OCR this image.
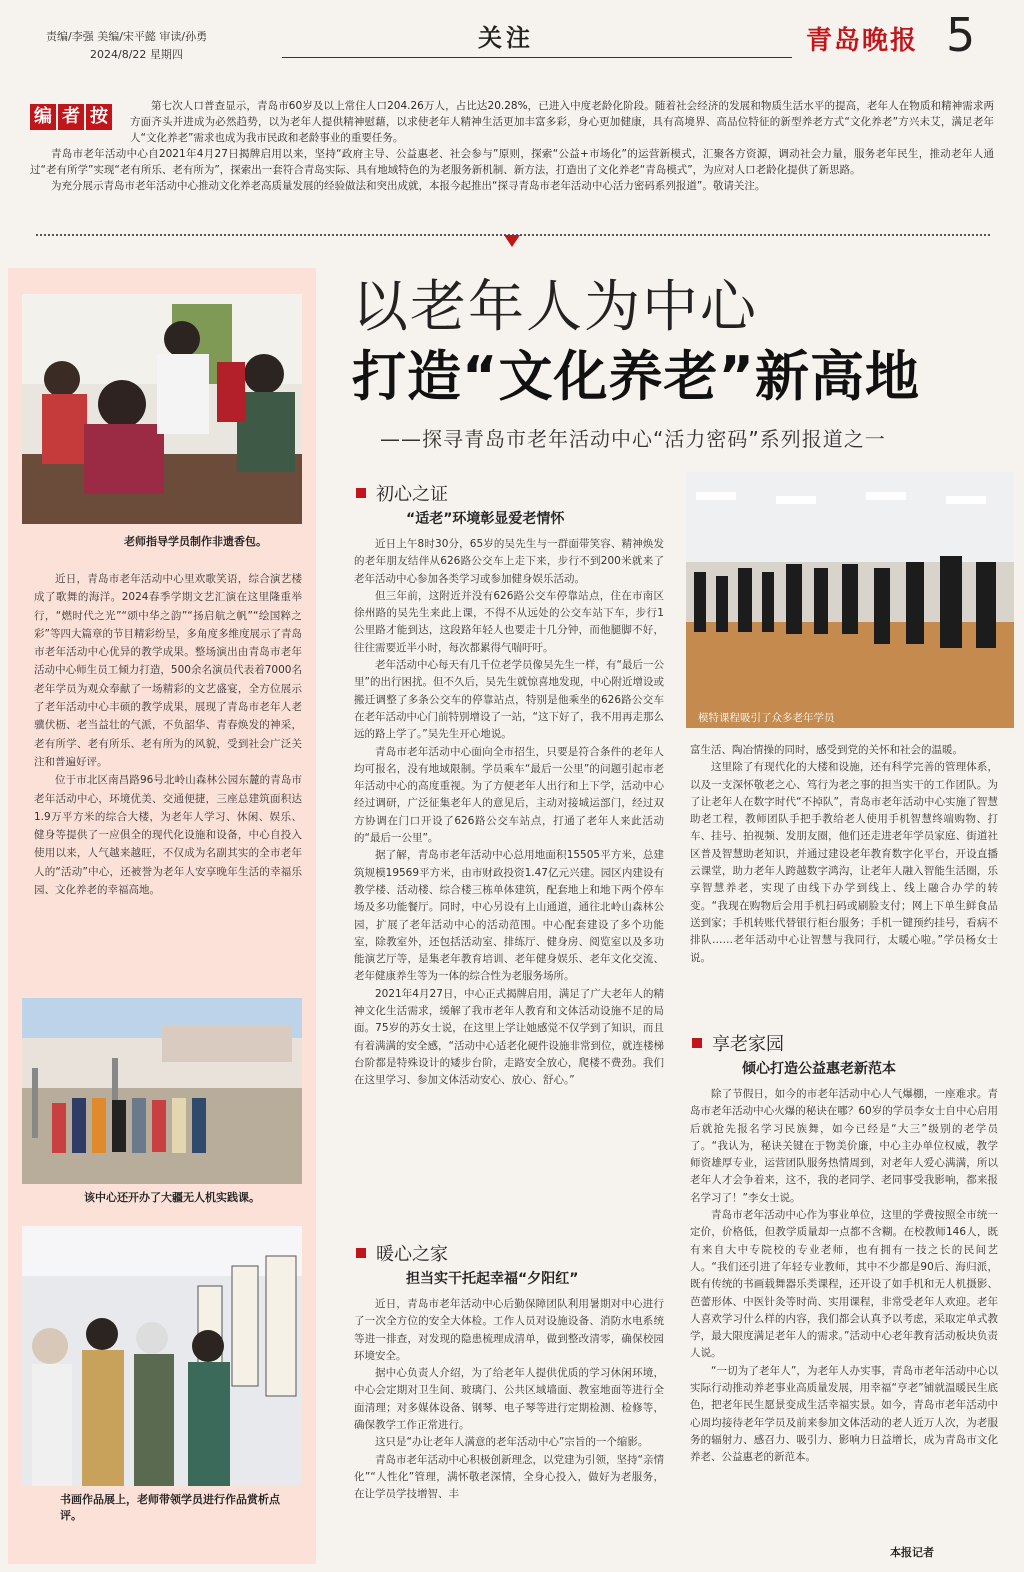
责编/李强 美编/宋平懿 审读/孙勇
2024/8/22 星期四
关注	青岛晚报 5

第七次人口普查显示，青岛市60岁及以上常住人口204.26万人，占比达20.28%，已进入中度老龄化阶段。随着社会经济的发展和物质生活水平的提高，老年人在物质和精神需求两方面齐头并进成为必然趋势，以为老年人提供精神慰藉，以求使老年人精神生活更加丰富多彩，身心更加健康，具有高境界、高品位特征的新型养老方式“文化养老”方兴未艾，满足老年人“文化养老”需求也成为我市民政和老龄事业的重要任务。

青岛市老年活动中心自2021年4月27日揭牌启用以来，坚持“政府主导、公益惠老、社会参与”原则，探索“公益+市场化”的运营新模式，汇聚各方资源，调动社会力量，服务老年民生，推动老年人通过“老有所学”实现“老有所乐、老有所为”，探索出一套符合青岛实际、具有地域特色的为老服务新机制、新方法，打造出了文化养老“青岛模式”，为应对人口老龄化提供了新思路。

为充分展示青岛市老年活动中心推动文化养老高质量发展的经验做法和突出成就，本报今起推出“探寻青岛市老年活动中心活力密码系列报道”。敬请关注。

编 者 按
老师指导学员制作非遗香包。

近日，青岛市老年活动中心里欢歌笑语，综合演艺楼成了歌舞的海洋。2024春季学期文艺汇演在这里隆重举行，“燃时代之光”“颂中华之韵”“扬启航之帆”“绘国粹之彩”等四大篇章的节目精彩纷呈，多角度多维度展示了青岛市老年活动中心优异的教学成果。整场演出由青岛市老年活动中心师生员工倾力打造，500余名演员代表着7000名老年学员为观众奉献了一场精彩的文艺盛宴，全方位展示了老年活动中心丰硕的教学成果，展现了青岛市老年人老骥伏枥、老当益壮的气派，不负韶华、青春焕发的神采，老有所学、老有所乐、老有所为的风貌，受到社会广泛关注和普遍好评。

位于市北区南昌路96号北岭山森林公园东麓的青岛市老年活动中心，环境优美、交通便捷，三座总建筑面积达1.9万平方米的综合大楼，为老年人学习、休闲、娱乐、健身等提供了一应俱全的现代化设施和设备，中心自投入使用以来，人气越来越旺，不仅成为名副其实的全市老年人的“活动”中心，还被誉为老年人安享晚年生活的幸福乐园、文化养老的幸福高地。

该中心还开办了大疆无人机实践课。
书画作品展上，老师带领学员进行作品赏析点评。
以老年人为中心
打造“文化养老”新高地
——探寻青岛市老年活动中心“活力密码”系列报道之一
模特课程吸引了众多老年学员
初心之证
“适老”环境彰显爱老情怀

近日上午8时30分，65岁的吴先生与一群面带笑容、精神焕发的老年朋友结伴从626路公交车上走下来，步行不到200米就来了老年活动中心参加各类学习或参加健身娱乐活动。

但三年前，这附近并没有626路公交车停靠站点，住在市南区徐州路的吴先生来此上课，不得不从远处的公交车站下车，步行1公里路才能到达，这段路年轻人也要走十几分钟，而他腿脚不好，往往需要近半小时，每次都累得气喘吁吁。

老年活动中心每天有几千位老学员像吴先生一样，有“最后一公里”的出行困扰。但不久后，吴先生就惊喜地发现，中心附近增设或搬迁调整了多条公交车的停靠站点，特别是他乘坐的626路公交车在老年活动中心门前特别增设了一站，“这下好了，我不用再走那么远的路上学了。”吴先生开心地说。

青岛市老年活动中心面向全市招生，只要是符合条件的老年人均可报名，没有地域限制。学员乘车“最后一公里”的问题引起市老年活动中心的高度重视。为了方便老年人出行和上下学，活动中心经过调研，广泛征集老年人的意见后，主动对接城运部门，经过双方协调在门口开设了626路公交车站点，打通了老年人来此活动的“最后一公里”。

据了解，青岛市老年活动中心总用地面积15505平方米，总建筑规模19569平方米，由市财政投资1.47亿元兴建。园区内建设有教学楼、活动楼、综合楼三栋单体建筑，配套地上和地下两个停车场及多功能餐厅。同时，中心另设有上山通道，通往北岭山森林公园，扩展了老年活动中心的活动范围。中心配套建设了多个功能室，除教室外，还包括活动室、排练厅、健身房、阅览室以及多功能演艺厅等，是集老年教育培训、老年健身娱乐、老年文化交流、老年健康养生等为一体的综合性为老服务场所。

2021年4月27日，中心正式揭牌启用，满足了广大老年人的精神文化生活需求，缓解了我市老年人教育和文体活动设施不足的局面。75岁的苏女士说，在这里上学让她感觉不仅学到了知识，而且有着满满的安全感，“活动中心适老化硬件设施非常到位，就连楼梯台阶都是特殊设计的矮步台阶，走路安全放心，爬楼不费劲。我们在这里学习、参加文体活动安心、放心、舒心。”

暖心之家
担当实干托起幸福“夕阳红”

近日，青岛市老年活动中心后勤保障团队利用暑期对中心进行了一次全方位的安全大体检。工作人员对设施设备、消防水电系统等进一排查，对发现的隐患梳理成清单，做到整改清零，确保校园环境安全。

据中心负责人介绍，为了给老年人提供优质的学习休闲环境，中心会定期对卫生间、玻璃门、公共区域墙面、教室地面等进行全面清理；对多媒体设备、钢琴、电子琴等进行定期检测、检修等，确保教学工作正常进行。

这只是“办让老年人满意的老年活动中心”宗旨的一个缩影。

青岛市老年活动中心积极创新理念，以党建为引领，坚持“亲情化”“人性化”管理，满怀敬老深情，全身心投入，做好为老服务，在让学员学技增智、丰

富生活、陶冶情操的同时，感受到党的关怀和社会的温暖。

这里除了有现代化的大楼和设施，还有科学完善的管理体系，以及一支深怀敬老之心、笃行为老之事的担当实干的工作团队。为了让老年人在数字时代“不掉队”，青岛市老年活动中心实施了智慧助老工程，教师团队手把手教给老人使用手机智慧终端购物、打车、挂号、拍视频、发朋友圈，他们还走进老年学员家庭、街道社区普及智慧助老知识，并通过建设老年教育数字化平台，开设直播云课堂，助力老年人跨越数字鸿沟，让老年人融入智能生活圈，乐享智慧养老，实现了由线下办学到线上、线上融合办学的转变。“我现在购物后会用手机扫码或刷脸支付；网上下单生鲜食品送到家；手机转账代替银行柜台服务；手机一键预约挂号，看病不排队……老年活动中心让智慧与我同行，太暖心啦。”学员杨女士说。

享老家园
倾心打造公益惠老新范本

除了节假日，如今的市老年活动中心人气爆棚，一座难求。青岛市老年活动中心火爆的秘诀在哪？60岁的学员李女士自中心启用后就抢先报名学习民族舞，如今已经是“大三”级别的老学员了。“我认为，秘诀关键在于物美价廉，中心主办单位权威，教学师资雄厚专业，运营团队服务热情周到，对老年人爱心满满，所以老年人才会争着来，这不，我的老同学、老同事受我影响，都来报名学习了！”李女士说。

青岛市老年活动中心作为事业单位，这里的学费按照全市统一定价，价格低，但教学质量却一点都不含糊。在校教师146人，既有来自大中专院校的专业老师，也有拥有一技之长的民间艺人。“我们还引进了年轻专业教师，其中不少都是90后、海归派，既有传统的书画载舞器乐类课程，还开设了如手机和无人机摄影、芭蕾形体、中医针灸等时尚、实用课程，非常受老年人欢迎。老年人喜欢学习什么样的内容，我们都会认真予以考虑，采取定单式教学，最大限度满足老年人的需求。”活动中心老年教育活动板块负责人说。

“一切为了老年人”，为老年人办实事，青岛市老年活动中心以实际行动推动养老事业高质量发展，用幸福“亨老”铺就温暖民生底色，把老年民生愿景变成生活幸福实景。如今，青岛市老年活动中心周均接待老年学员及前来参加文体活动的老人近万人次，为老服务的辐射力、感召力、吸引力、影响力日益增长，成为青岛市文化养老、公益惠老的新范本。

本报记者
